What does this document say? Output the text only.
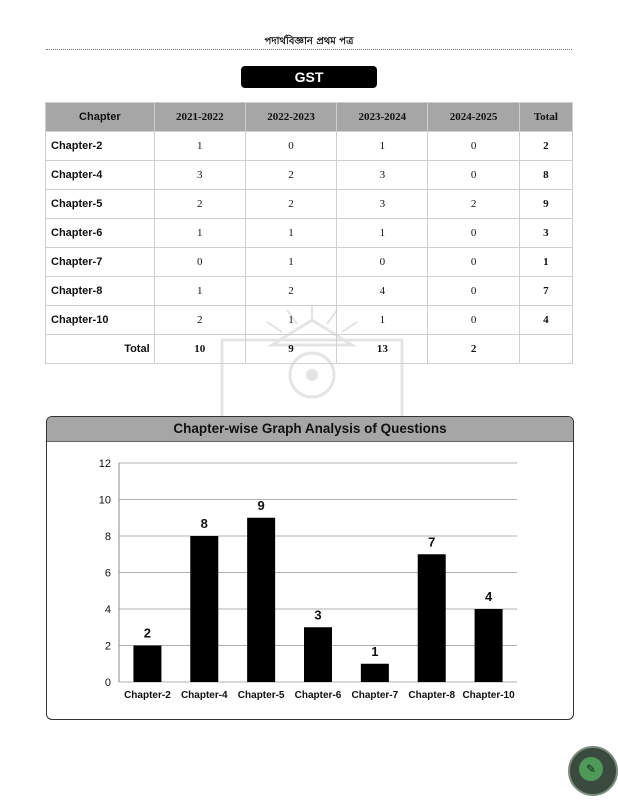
পদার্থবিজ্ঞান প্রথম পত্র
GST
Chapter	2021-2022	2022-2023	2023-2024	2024-2025	Total
Chapter-2	1	0	1	0	2
Chapter-4	3	2	3	0	8
Chapter-5	2	2	3	2	9
Chapter-6	1	1	1	0	3
Chapter-7	0	1	0	0	1
Chapter-8	1	2	4	0	7
Chapter-10	2	1	1	0	4
Total	10	9	13	2	
Chapter-wise Graph Analysis of Questions
0
2
4
6
8
10
12
2
Chapter-2
8
Chapter-4
9
Chapter-5
3
Chapter-6
1
Chapter-7
7
Chapter-8
4
Chapter-10
✎
